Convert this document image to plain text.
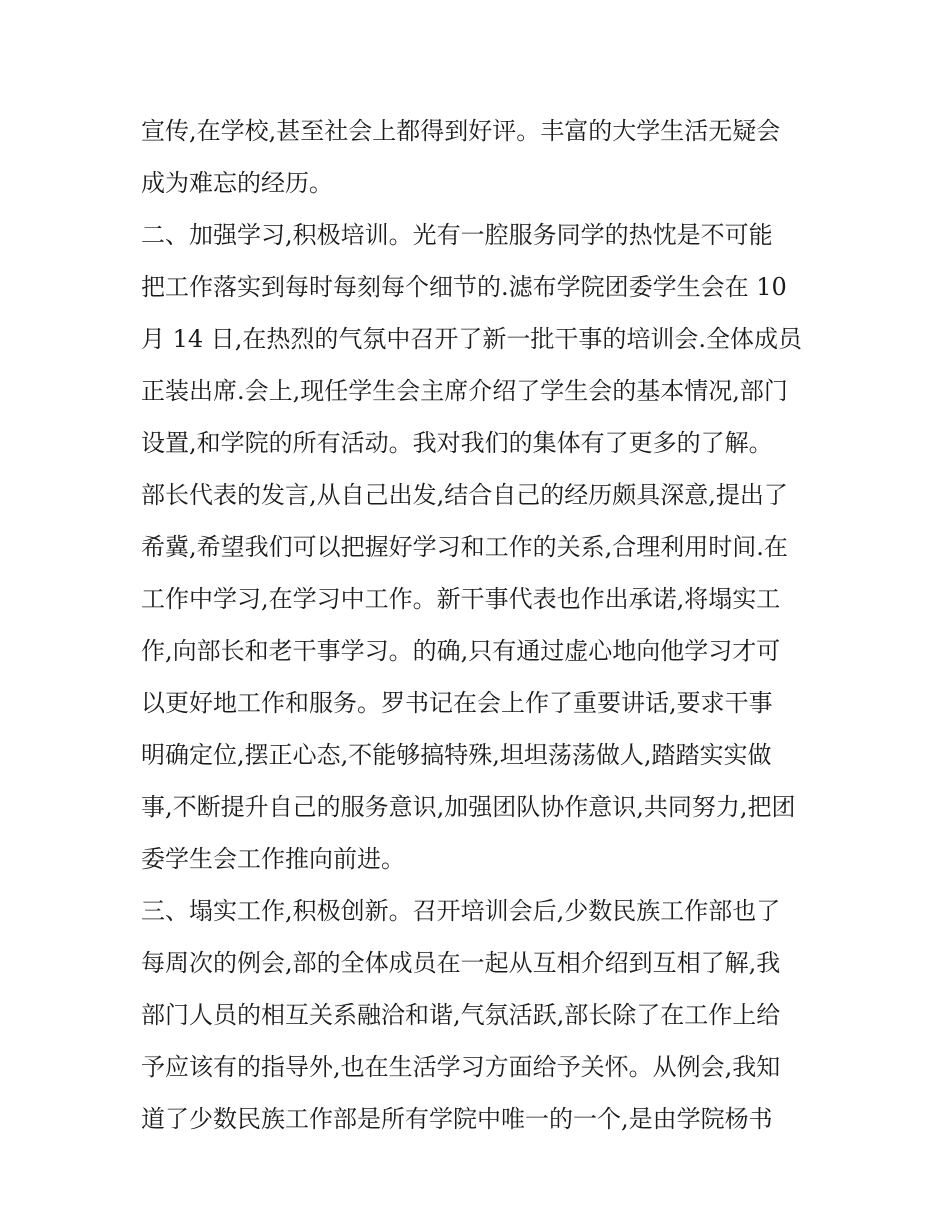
宣传,在学校,甚至社会上都得到好评。丰富的大学生活无疑会
成为难忘的经历。
二、加强学习,积极培训。光有一腔服务同学的热忱是不可能
把工作落实到每时每刻每个细节的.滤布学院团委学生会在 10
月 14 日,在热烈的气氛中召开了新一批干事的培训会.全体成员
正装出席.会上,现任学生会主席介绍了学生会的基本情况,部门
设置,和学院的所有活动。我对我们的集体有了更多的了解。
部长代表的发言,从自己出发,结合自己的经历颇具深意,提出了
希冀,希望我们可以把握好学习和工作的关系,合理利用时间.在
工作中学习,在学习中工作。新干事代表也作出承诺,将塌实工
作,向部长和老干事学习。的确,只有通过虚心地向他学习才可
以更好地工作和服务。罗书记在会上作了重要讲话,要求干事
明确定位,摆正心态,不能够搞特殊,坦坦荡荡做人,踏踏实实做
事,不断提升自己的服务意识,加强团队协作意识,共同努力,把团
委学生会工作推向前进。
三、塌实工作,积极创新。召开培训会后,少数民族工作部也了
每周次的例会,部的全体成员在一起从互相介绍到互相了解,我
部门人员的相互关系融洽和谐,气氛活跃,部长除了在工作上给
予应该有的指导外,也在生活学习方面给予关怀。从例会,我知
道了少数民族工作部是所有学院中唯一的一个,是由学院杨书
